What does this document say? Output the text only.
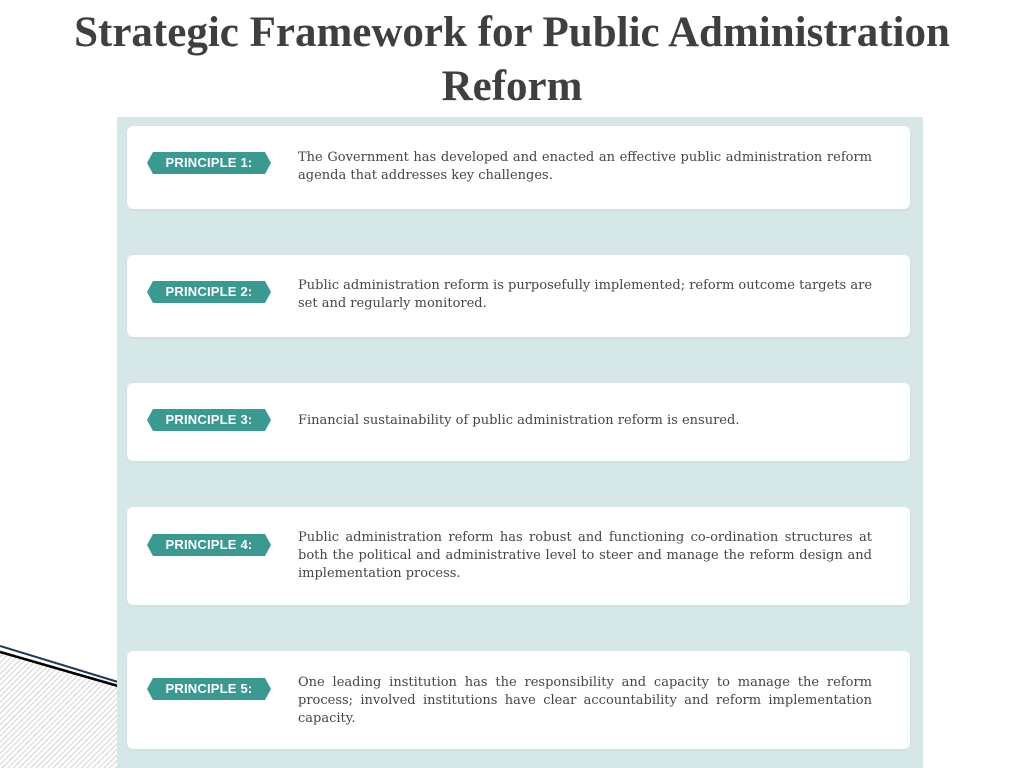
Strategic Framework for Public Administration Reform
PRINCIPLE 1:	The Government has developed and enacted an effective public administration reform agenda that addresses key challenges.
PRINCIPLE 2:	Public administration reform is purposefully implemented; reform outcome targets are set and regularly monitored.
PRINCIPLE 3:	Financial sustainability of public administration reform is ensured.
PRINCIPLE 4:	Public administration reform has robust and functioning co-ordination structures at both the political and administrative level to steer and manage the reform design and implementation process.
PRINCIPLE 5:	One leading institution has the responsibility and capacity to manage the reform process; involved institutions have clear accountability and reform implementation capacity.
